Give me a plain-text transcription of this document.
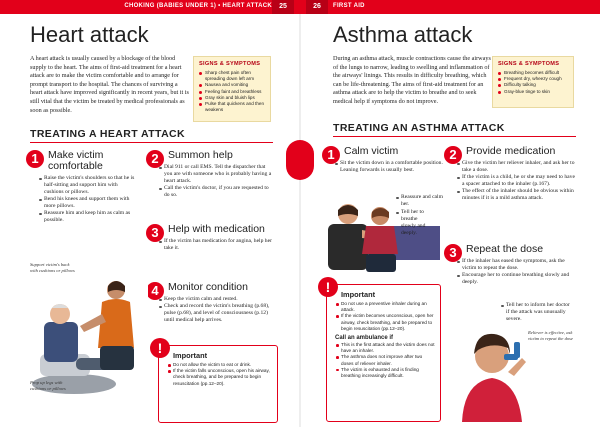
CHOKING (BABIES UNDER 1) • HEART ATTACK	25	26	FIRST AID
Heart attack
A heart attack is usually caused by a blockage of the blood supply to the heart. The aims of first-aid treatment for a heart attack are to make the victim comfortable and to arrange for prompt transport to the hospital. The chances of surviving a heart attack have improved significantly in recent years, but it is still vital that the victim be treated by medical professionals as soon as possible.
SIGNS & SYMPTOMS
Sharp chest pain often spreading down left arm
Nausea and vomiting
Feeling faint and breathless
Gray skin and bluish lips
Pulse that quickens and then weakens
TREATING A HEART ATTACK
1 Make victim comfortable
Raise the victim's shoulders so that he is half-sitting and support him with cushions or pillows.
Bend his knees and support them with more pillows.
Reassure him and keep him as calm as possible.
2 Summon help
Dial 911 or call EMS. Tell the dispatcher that you are with someone who is probably having a heart attack.
Call the victim's doctor, if you are requested to do so.
3 Help with medication
If the victim has medication for angina, help her take it.
4 Monitor condition
Keep the victim calm and rested.
Check and record the victim's breathing (p.68), pulse (p.68), and level of consciousness (p.12) until medical help arrives.
Support victim's back with cushions or pillows
Prop up legs with cushions or pillows
!	Important
Do not allow the victim to eat or drink.
If the victim falls unconscious, open his airway, check breathing, and be prepared to begin resuscitation (pp.12–20).
Asthma attack
During an asthma attack, muscle contractions cause the airways of the lungs to narrow, leading to swelling and inflammation of the airways' linings. This results in difficulty breathing, which can be life-threatening. The aims of first-aid treatment for an asthma attack are to help the victim to breathe and to seek medical help if symptoms do not improve.
SIGNS & SYMPTOMS
Breathing becomes difficult
Frequent dry, wheezy cough
Difficulty talking
Gray-blue tinge to skin
TREATING AN ASTHMA ATTACK
1 Calm victim
Sit the victim down in a comfortable position. Leaning forwards is usually best.
Reassure and calm her.
Tell her to breathe slowly and deeply.
2 Provide medication
Give the victim her reliever inhaler, and ask her to take a dose.
If the victim is a child, he or she may need to have a spacer attached to the inhaler (p.167).
The effect of the inhaler should be obvious within minutes if it is a mild asthma attack.
3 Repeat the dose
If the inhaler has eased the symptoms, ask the victim to repeat the dose.
Encourage her to continue breathing slowly and deeply.
Tell her to inform her doctor if the attack was unusually severe.
Reliever is effective, ask victim to repeat the dose
!	Important
Do not use a preventive inhaler during an attack.
If the victim becomes unconscious, open her airway, check breathing, and be prepared to begin resuscitation (pp.12–20).
Call an ambulance if
This is the first attack and the victim does not have an inhaler.
The asthma does not improve after two doses of reliever inhaler.
The victim is exhausted and is finding breathing increasingly difficult.
